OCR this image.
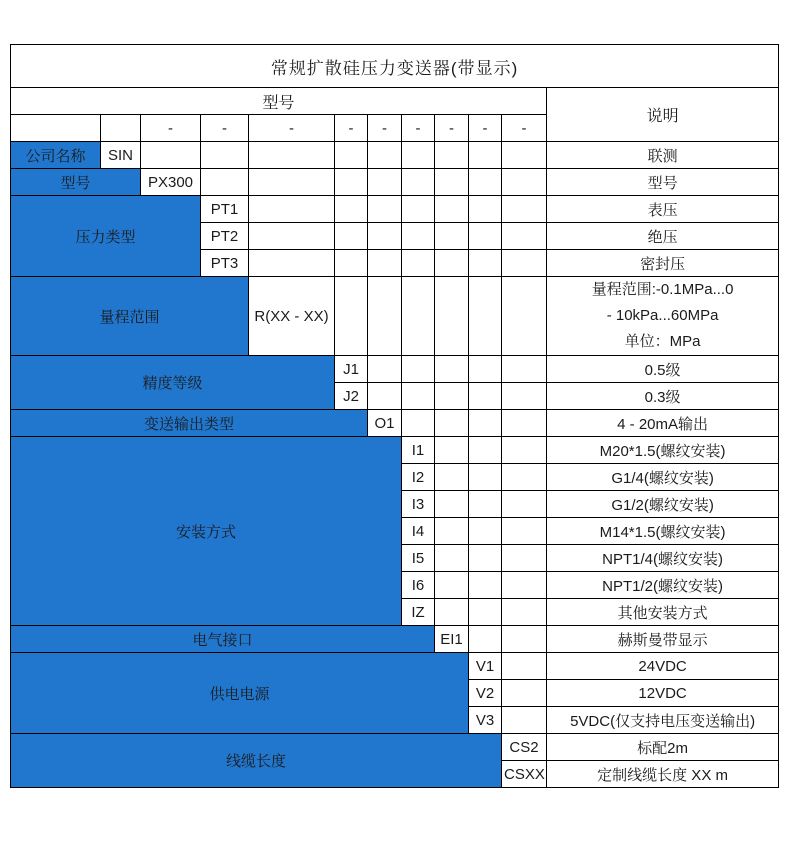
常规扩散硅压力变送器(带显示)											
型号											说明
		-	-	-	-	-	-	-	-	-	
公司名称	SIN										联测
型号		PX300									型号
压力类型			PT1								表压
			PT2								绝压
			PT3								密封压
量程范围				R(XX - XX)							量程范围:-0.1MPa...0
- 10kPa...60MPa
单位：MPa

精度等级					J1						0.5级
					J2						0.3级
变送输出类型						O1					4 - 20mA输出
安装方式							I1				M20*1.5(螺纹安装)
							I2				G1/4(螺纹安装)
							I3				G1/2(螺纹安装)
							I4				M14*1.5(螺纹安装)
							I5				NPT1/4(螺纹安装)
							I6				NPT1/2(螺纹安装)
							IZ				其他安装方式
电气接口								EI1			赫斯曼带显示
供电电源									V1		24VDC
									V2		12VDC
									V3		5VDC(仅支持电压变送输出)
线缆长度										CS2	标配2m
										CSXX	定制线缆长度 XX m
